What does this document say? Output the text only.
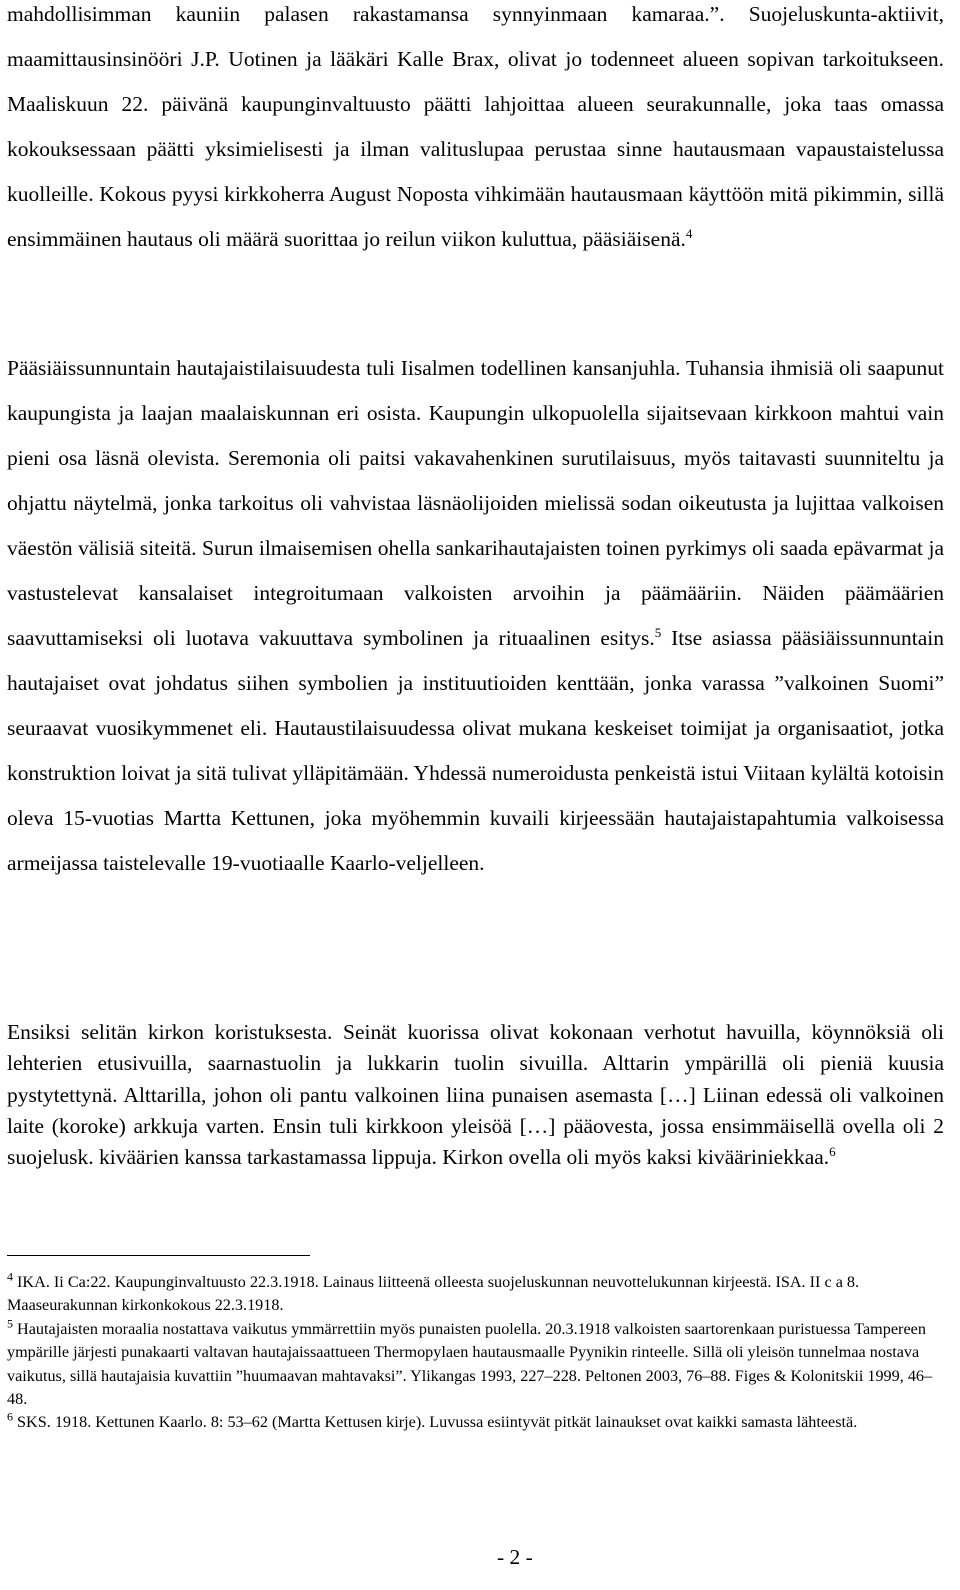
mahdollisimman kauniin palasen rakastamansa synnyinmaan kamaraa.”. Suojeluskunta-aktiivit, maamittausinsinööri J.P. Uotinen ja lääkäri Kalle Brax, olivat jo todenneet alueen sopivan tarkoitukseen. Maaliskuun 22. päivänä kaupunginvaltuusto päätti lahjoittaa alueen seurakunnalle, joka taas omassa kokouksessaan päätti yksimielisesti ja ilman valituslupaa perustaa sinne hautausmaan vapaustaistelussa kuolleille. Kokous pyysi kirkkoherra August Noposta vihkimään hautausmaan käyttöön mitä pikimmin, sillä ensimmäinen hautaus oli määrä suorittaa jo reilun viikon kuluttua, pääsiäisenä.$^4$

Pääsiäissunnuntain hautajaistilaisuudesta tuli Iisalmen todellinen kansanjuhla. Tuhansia ihmisiä oli saapunut kaupungista ja laajan maalaiskunnan eri osista. Kaupungin ulkopuolella sijaitsevaan kirkkoon mahtui vain pieni osa läsnä olevista. Seremonia oli paitsi vakavahenkinen surutilaisuus, myös taitavasti suunniteltu ja ohjattu näytelmä, jonka tarkoitus oli vahvistaa läsnäolijoiden mielissä sodan oikeutusta ja lujittaa valkoisen väestön välisiä siteitä. Surun ilmaisemisen ohella sankarihautajaisten toinen pyrkimys oli saada epävarmat ja vastustelevat kansalaiset integroitumaan valkoisten arvoihin ja päämääriin. Näiden päämäärien saavuttamiseksi oli luotava vakuuttava symbolinen ja rituaalinen esitys.$^5$ Itse asiassa pääsiäissunnuntain hautajaiset ovat johdatus siihen symbolien ja instituutioiden kenttään, jonka varassa ”valkoinen Suomi” seuraavat vuosikymmenet eli. Hautaustilaisuudessa olivat mukana keskeiset toimijat ja organisaatiot, jotka konstruktion loivat ja sitä tulivat ylläpitämään. Yhdessä numeroidusta penkeistä istui Viitaan kylältä kotoisin oleva 15-vuotias Martta Kettunen, joka myöhemmin kuvaili kirjeessään hautajaistapahtumia valkoisessa armeijassa taistelevalle 19-vuotiaalle Kaarlo-veljelleen.

Ensiksi selitän kirkon koristuksesta. Seinät kuorissa olivat kokonaan verhotut havuilla, köynnöksiä oli lehterien etusivuilla, saarnastuolin ja lukkarin tuolin sivuilla. Alttarin ympärillä oli pieniä kuusia pystytettynä. Alttarilla, johon oli pantu valkoinen liina punaisen asemasta […] Liinan edessä oli valkoinen laite (koroke) arkkuja varten. Ensin tuli kirkkoon yleisöä […] pääovesta, jossa ensimmäisellä ovella oli 2 suojelusk. kiväärien kanssa tarkastamassa lippuja. Kirkon ovella oli myös kaksi kivääriniekkaa.$^6$

$^4$ IKA. Ii Ca:22. Kaupunginvaltuusto 22.3.1918. Lainaus liitteenä olleesta suojeluskunnan neuvottelukunnan kirjeestä. ISA. II c a 8. Maaseurakunnan kirkonkokous 22.3.1918.

$^5$ Hautajaisten moraalia nostattava vaikutus ymmärrettiin myös punaisten puolella. 20.3.1918 valkoisten saartorenkaan puristuessa Tampereen ympärille järjesti punakaarti valtavan hautajaissaattueen Thermopylaen hautausmaalle Pyynikin rinteelle. Sillä oli yleisön tunnelmaa nostava vaikutus, sillä hautajaisia kuvattiin ”huumaavan mahtavaksi”. Ylikangas 1993, 227–228. Peltonen 2003, 76–88. Figes & Kolonitskii 1999, 46–48.

$^6$ SKS. 1918. Kettunen Kaarlo. 8: 53–62 (Martta Kettusen kirje). Luvussa esiintyvät pitkät lainaukset ovat kaikki samasta lähteestä.

- 2 -
